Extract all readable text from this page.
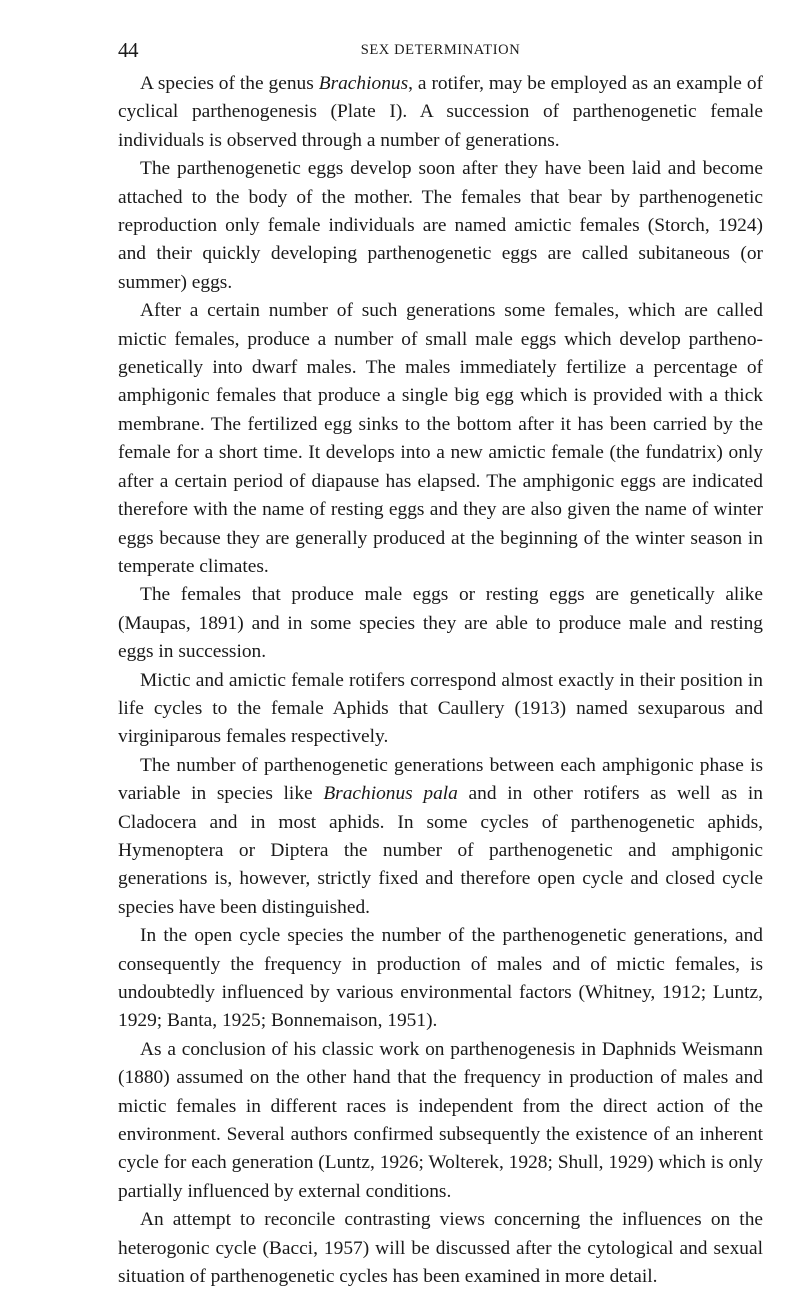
44	SEX DETERMINATION

A species of the genus Brachionus, a rotifer, may be employed as an example of cyclical parthenogenesis (Plate I). A succession of parthenogenetic female individuals is observed through a number of generations.

The parthenogenetic eggs develop soon after they have been laid and become attached to the body of the mother. The females that bear by parthenogenetic reproduction only female individuals are named amictic females (Storch, 1924) and their quickly developing parthenogenetic eggs are called subitaneous (or summer) eggs.

After a certain number of such generations some females, which are called mictic females, produce a number of small male eggs which develop parthenogenetically into dwarf males. The males immediately fertilize a percentage of amphigonic females that produce a single big egg which is provided with a thick membrane. The fertilized egg sinks to the bottom after it has been carried by the female for a short time. It develops into a new amictic female (the fundatrix) only after a certain period of diapause has elapsed. The amphigonic eggs are indicated therefore with the name of resting eggs and they are also given the name of winter eggs because they are generally produced at the beginning of the winter season in temperate climates.

The females that produce male eggs or resting eggs are genetically alike (Maupas, 1891) and in some species they are able to produce male and resting eggs in succession.

Mictic and amictic female rotifers correspond almost exactly in their position in life cycles to the female Aphids that Caullery (1913) named sexuparous and virginiparous females respectively.

The number of parthenogenetic generations between each amphigonic phase is variable in species like Brachionus pala and in other rotifers as well as in Cladocera and in most aphids. In some cycles of parthenogenetic aphids, Hymenoptera or Diptera the number of parthenogenetic and amphigonic generations is, however, strictly fixed and therefore open cycle and closed cycle species have been distinguished.

In the open cycle species the number of the parthenogenetic generations, and consequently the frequency in production of males and of mictic females, is undoubtedly influenced by various environmental factors (Whitney, 1912; Luntz, 1929; Banta, 1925; Bonnemaison, 1951).

As a conclusion of his classic work on parthenogenesis in Daphnids Weismann (1880) assumed on the other hand that the frequency in production of males and mictic females in different races is independent from the direct action of the environment. Several authors confirmed subsequently the existence of an inherent cycle for each generation (Luntz, 1926; Wolterek, 1928; Shull, 1929) which is only partially influenced by external conditions.

An attempt to reconcile contrasting views concerning the influences on the heterogonic cycle (Bacci, 1957) will be discussed after the cytological and sexual situation of parthenogenetic cycles has been examined in more detail.
